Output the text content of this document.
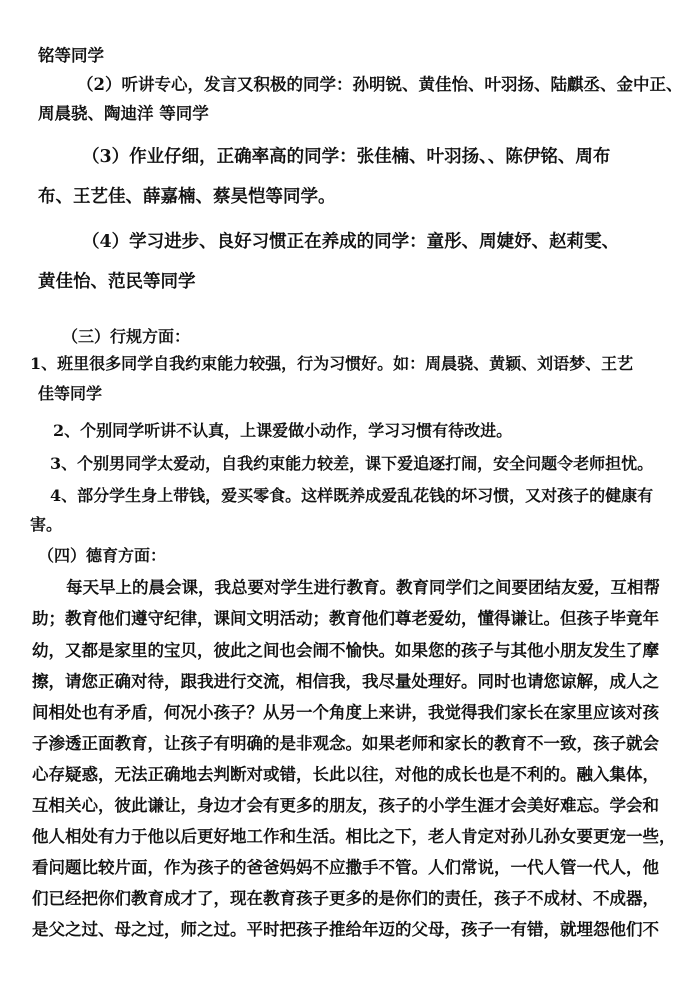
铭等同学
（2）听讲专心，发言又积极的同学：孙明锐、黄佳怡、叶羽扬、陆麒丞、金中正、
周晨骁、陶迪洋 等同学
（3）作业仔细，正确率高的同学：张佳楠、叶羽扬、、陈伊铭、周布
布、王艺佳、薛嘉楠、蔡昊恺等同学。
（4）学习进步、良好习惯正在养成的同学：童彤、周婕妤、赵莉雯、
黄佳怡、范民等同学
（三）行规方面：
1、班里很多同学自我约束能力较强，行为习惯好。如：周晨骁、黄颖、刘语梦、王艺
佳等同学
2、个别同学听讲不认真，上课爱做小动作，学习习惯有待改进。
3、个别男同学太爱动，自我约束能力较差，课下爱追逐打闹，安全问题令老师担忧。
4、部分学生身上带钱，爱买零食。这样既养成爱乱花钱的坏习惯，又对孩子的健康有
害。
（四）德育方面：
每天早上的晨会课，我总要对学生进行教育。教育同学们之间要团结友爱，互相帮
助；教育他们遵守纪律，课间文明活动；教育他们尊老爱幼，懂得谦让。但孩子毕竟年
幼，又都是家里的宝贝，彼此之间也会闹不愉快。如果您的孩子与其他小朋友发生了摩
擦，请您正确对待，跟我进行交流，相信我，我尽量处理好。同时也请您谅解，成人之
间相处也有矛盾，何况小孩子？从另一个角度上来讲，我觉得我们家长在家里应该对孩
子渗透正面教育，让孩子有明确的是非观念。如果老师和家长的教育不一致，孩子就会
心存疑惑，无法正确地去判断对或错，长此以往，对他的成长也是不利的。融入集体，
互相关心，彼此谦让，身边才会有更多的朋友，孩子的小学生涯才会美好难忘。学会和
他人相处有力于他以后更好地工作和生活。相比之下，老人肯定对孙儿孙女要更宠一些，
看问题比较片面，作为孩子的爸爸妈妈不应撒手不管。人们常说，一代人管一代人，他
们已经把你们教育成才了，现在教育孩子更多的是你们的责任，孩子不成材、不成器，
是父之过、母之过，师之过。平时把孩子推给年迈的父母，孩子一有错，就埋怨他们不
